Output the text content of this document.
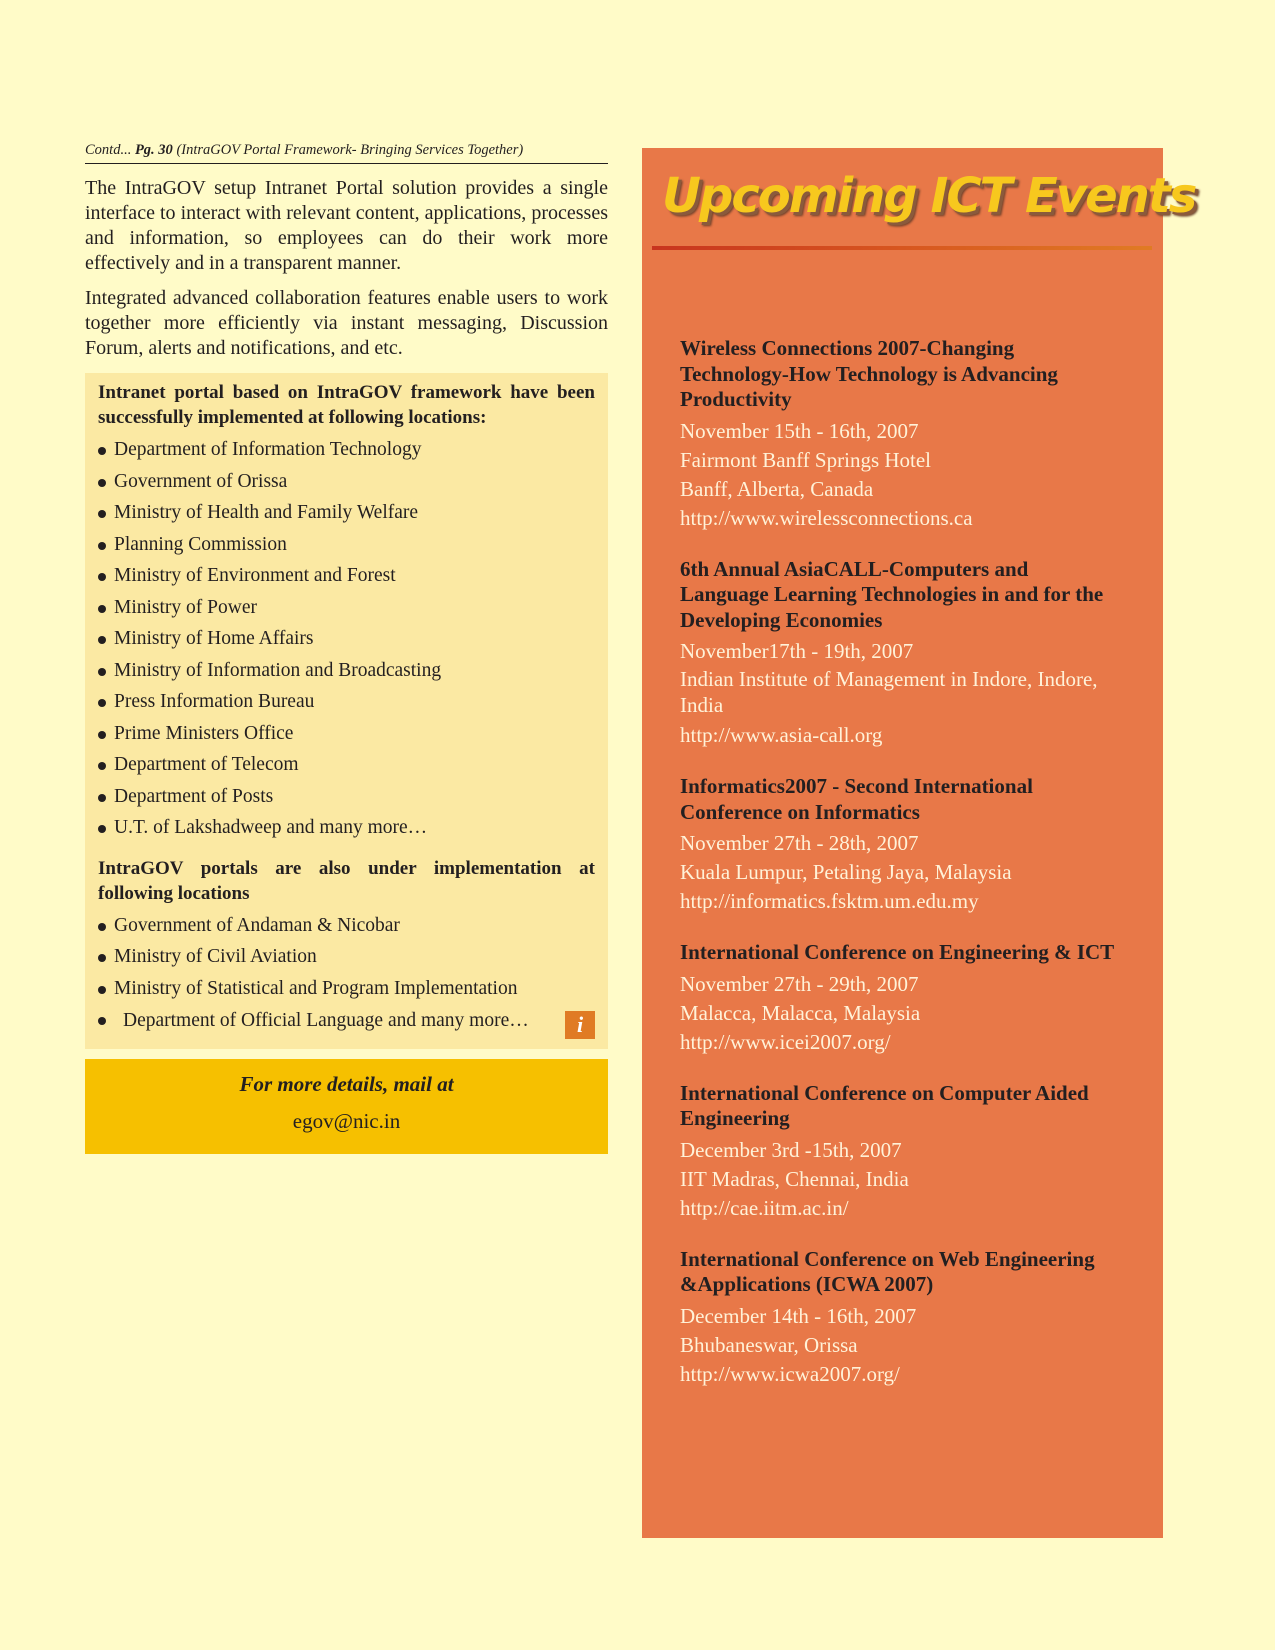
Contd... Pg. 30 (IntraGOV Portal Framework- Bringing Services Together)

The IntraGOV setup Intranet Portal solution provides a single interface to interact with relevant content, applications, processes and information, so employees can do their work more effectively and in a transparent manner.

Integrated advanced collaboration features enable users to work together more efficiently via instant messaging, Discussion Forum, alerts and notifications, and etc.

Intranet portal based on IntraGOV framework have been successfully implemented at following locations:
Department of Information Technology
Government of Orissa
Ministry of Health and Family Welfare
Planning Commission
Ministry of Environment and Forest
Ministry of Power
Ministry of Home Affairs
Ministry of Information and Broadcasting
Press Information Bureau
Prime Ministers Office
Department of Telecom
Department of Posts
U.T. of Lakshadweep and many more…
IntraGOV portals are also under implementation at following locations
Government of Andaman & Nicobar
Ministry of Civil Aviation
Ministry of Statistical and Program Implementation
Department of Official Language and many more…	i
For more details, mail at
egov@nic.in
Upcoming ICT Events
Wireless Connections 2007-Changing Technology-How Technology is Advancing Productivity
November 15th - 16th, 2007
Fairmont Banff Springs Hotel
Banff, Alberta, Canada
http://www.wirelessconnections.ca
6th Annual AsiaCALL-Computers and Language Learning Technologies in and for the Developing Economies
November17th - 19th, 2007
Indian Institute of Management in Indore, Indore, India
http://www.asia-call.org
Informatics2007 - Second International Conference on Informatics
November 27th - 28th, 2007
Kuala Lumpur, Petaling Jaya, Malaysia
http://informatics.fsktm.um.edu.my
International Conference on Engineering & ICT
November 27th - 29th, 2007
Malacca, Malacca, Malaysia
http://www.icei2007.org/
International Conference on Computer Aided Engineering
December 3rd -15th, 2007
IIT Madras, Chennai, India
http://cae.iitm.ac.in/
International Conference on Web Engineering &Applications (ICWA 2007)
December 14th - 16th, 2007
Bhubaneswar, Orissa
http://www.icwa2007.org/
